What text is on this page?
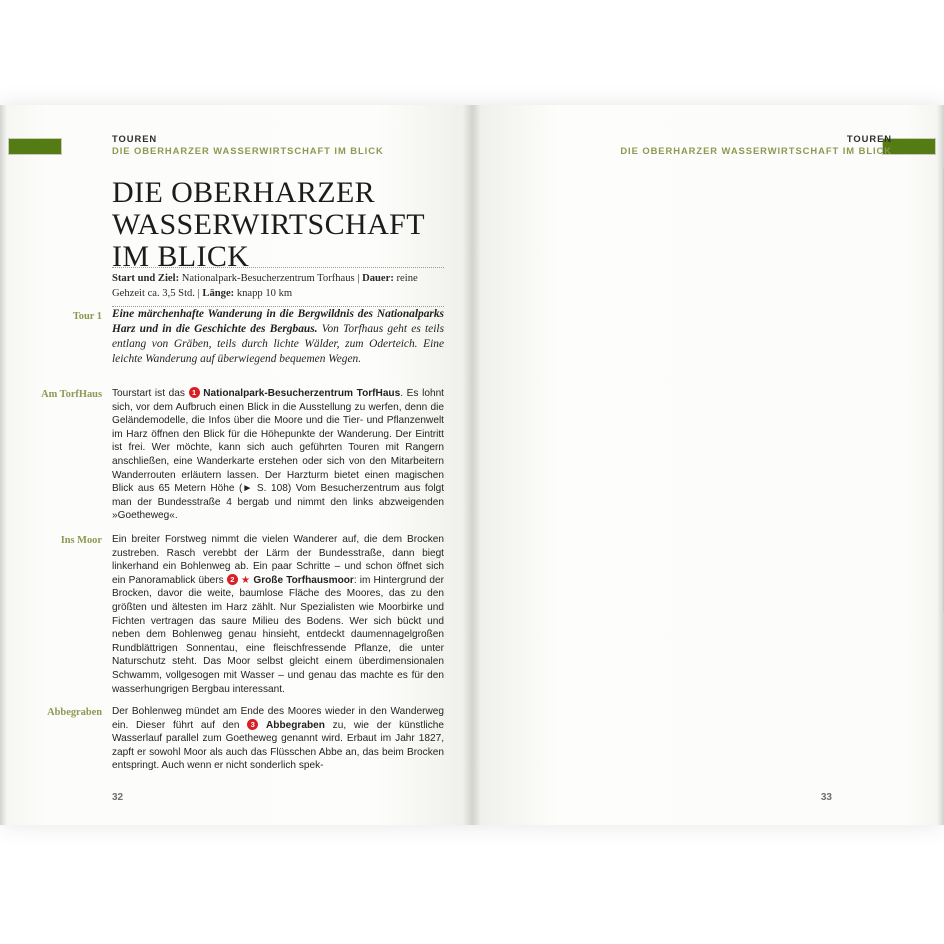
TOUREN
DIE OBERHARZER WASSERWIRTSCHAFT IM BLICK
DIE OBERHARZER WASSERWIRTSCHAFT IM BLICK
Start und Ziel: Nationalpark-Besucherzentrum Torfhaus | Dauer: reine Gehzeit ca. 3,5 Std. | Länge: knapp 10 km
Tour 1 Eine märchenhafte Wanderung in die Bergwildnis des Nationalparks Harz und in die Geschichte des Bergbaus. Von Torfhaus geht es teils entlang von Gräben, teils durch lichte Wälder, zum Oderteich. Eine leichte Wanderung auf überwiegend bequemen Wegen.
Am TorfHaus Tourstart ist das 1 Nationalpark-Besucherzentrum TorfHaus. Es lohnt sich, vor dem Aufbruch einen Blick in die Ausstellung zu werfen, denn die Geländemodelle, die Infos über die Moore und die Tier- und Pflanzenwelt im Harz öffnen den Blick für die Höhepunkte der Wanderung. Der Eintritt ist frei. Wer möchte, kann sich auch geführten Touren mit Rangern anschließen, eine Wanderkarte erstehen oder sich von den Mitarbeitern Wanderrouten erläutern lassen. Der Harzturm bietet einen magischen Blick aus 65 Metern Höhe (► S. 108) Vom Besucherzentrum aus folgt man der Bundesstraße 4 bergab und nimmt den links abzweigenden »Goetheweg«.
Ins Moor Ein breiter Forstweg nimmt die vielen Wanderer auf, die dem Brocken zustreben. Rasch verebbt der Lärm der Bundesstraße, dann biegt linkerhand ein Bohlenweg ab. Ein paar Schritte – und schon öffnet sich ein Panoramablick übers 2 ★ Große Torfhausmoor: im Hintergrund der Brocken, davor die weite, baumlose Fläche des Moores, das zu den größten und ältesten im Harz zählt. Nur Spezialisten wie Moorbirke und Fichten vertragen das saure Milieu des Bodens. Wer sich bückt und neben dem Bohlenweg genau hinsieht, entdeckt daumennagelgroßen Rundblättrigen Sonnentau, eine fleischfressende Pflanze, die unter Naturschutz steht. Das Moor selbst gleicht einem überdimensionalen Schwamm, vollgesogen mit Wasser – und genau das machte es für den wasserhungrigen Bergbau interessant.
Abbegraben Der Bohlenweg mündet am Ende des Moores wieder in den Wanderweg ein. Dieser führt auf den 3 Abbegraben zu, wie der künstliche Wasserlauf parallel zum Goetheweg genannt wird. Erbaut im Jahr 1827, zapft er sowohl Moor als auch das Flüsschen Abbe an, das beim Brocken entspringt. Auch wenn er nicht sonderlich spek-
32
TOUREN
DIE OBERHARZER WASSERWIRTSCHAFT IM BLICK

33
